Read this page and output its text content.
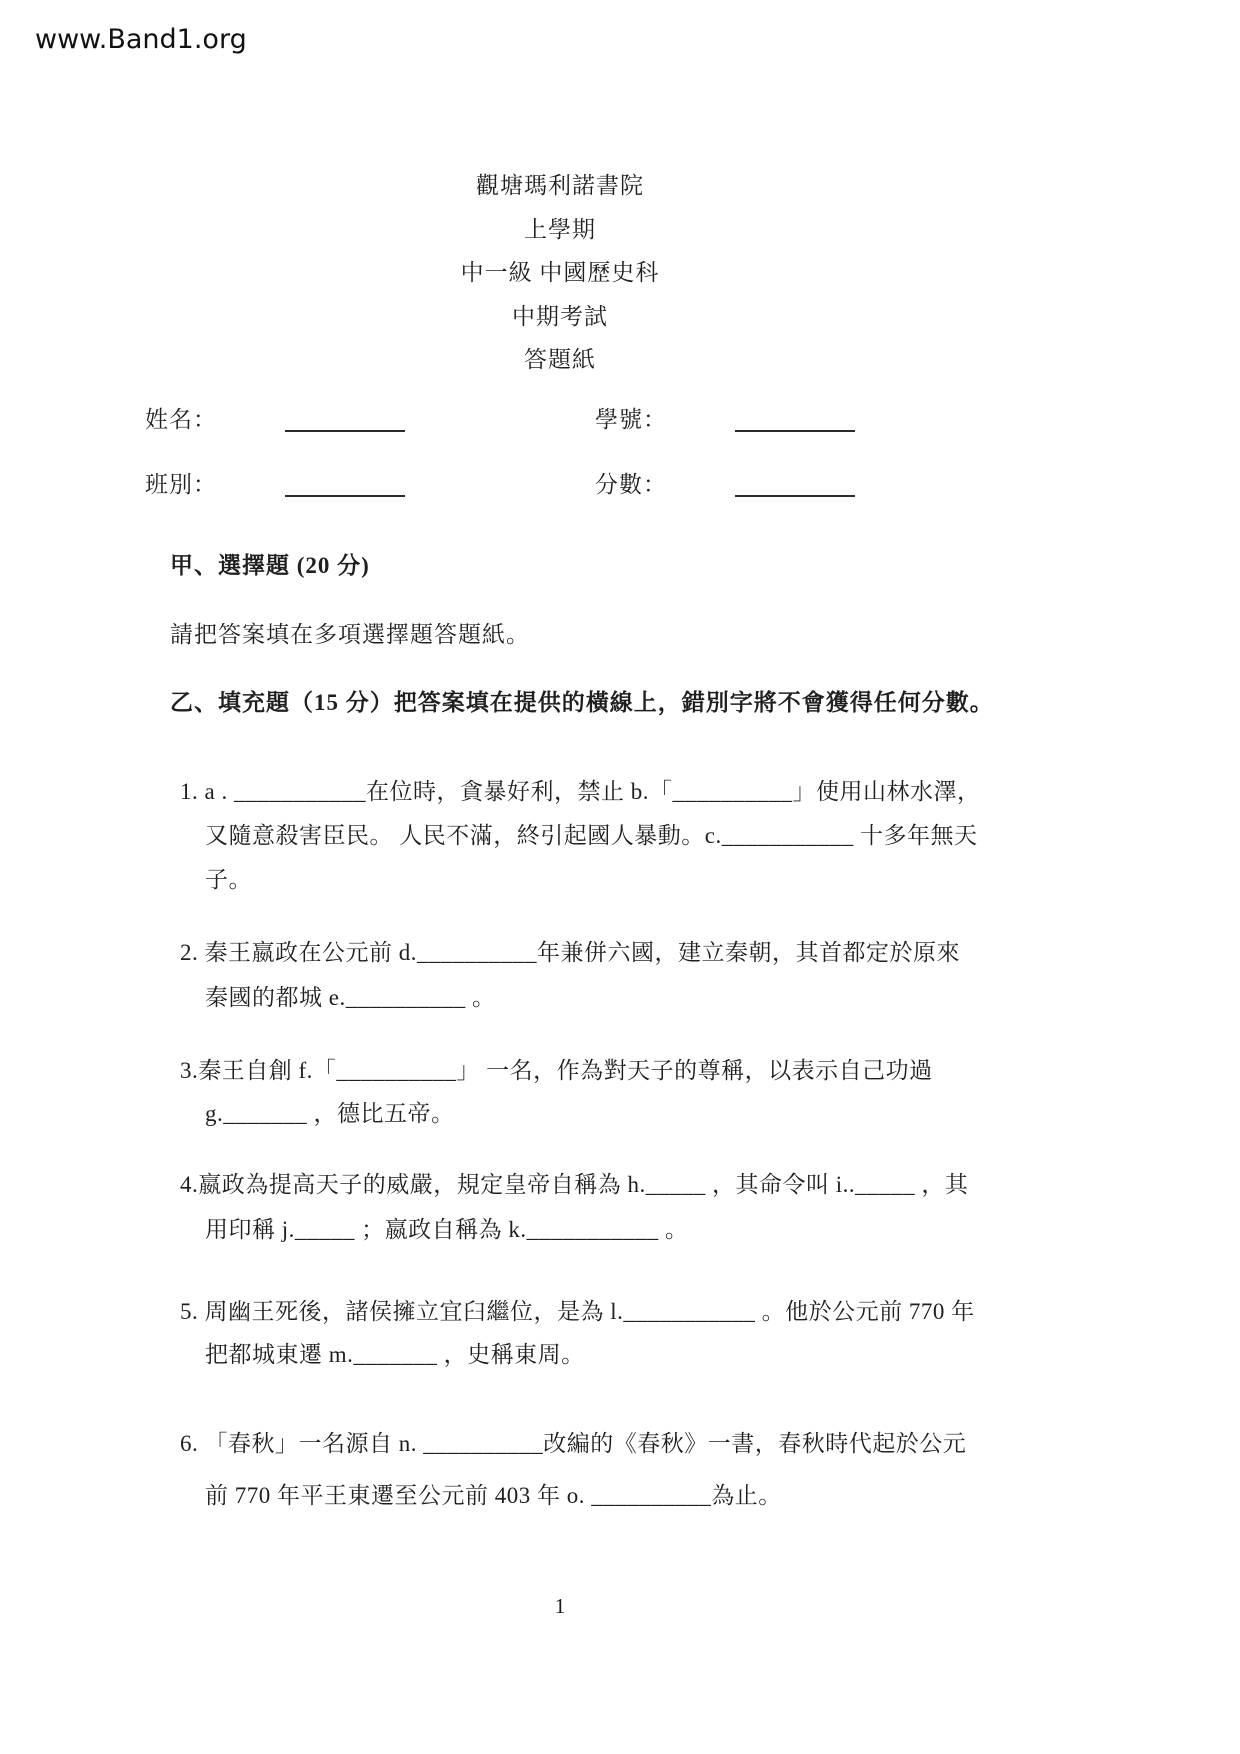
www.Band1.org
觀塘瑪利諾書院
上學期
中一級 中國歷史科
中期考試
答題紙
姓名：	學號：
班別：	分數：
甲、選擇題 (20 分)
請把答案填在多項選擇題答題紙。
乙、填充題（15 分）把答案填在提供的橫線上，錯別字將不會獲得任何分數。
1. a . ___________在位時，貪暴好利，禁止 b.「__________」使用山林水澤，
又隨意殺害臣民。 人民不滿，終引起國人暴動。c.___________ 十多年無天
子。
2. 秦王嬴政在公元前 d.__________年兼併六國，建立秦朝，其首都定於原來
秦國的都城 e.__________ 。
3.秦王自創 f.「__________」 一名，作為對天子的尊稱，以表示自己功過
g._______ ，德比五帝。
4.嬴政為提高天子的威嚴，規定皇帝自稱為 h._____ ，其命令叫 i.._____ ，其
用印稱 j._____ ；嬴政自稱為 k.___________ 。
5. 周幽王死後，諸侯擁立宜臼繼位，是為 l.___________ 。他於公元前 770 年
把都城東遷 m._______ ，史稱東周。
6. 「春秋」一名源自 n. __________改編的《春秋》一書，春秋時代起於公元
前 770 年平王東遷至公元前 403 年 o. __________為止。
1
